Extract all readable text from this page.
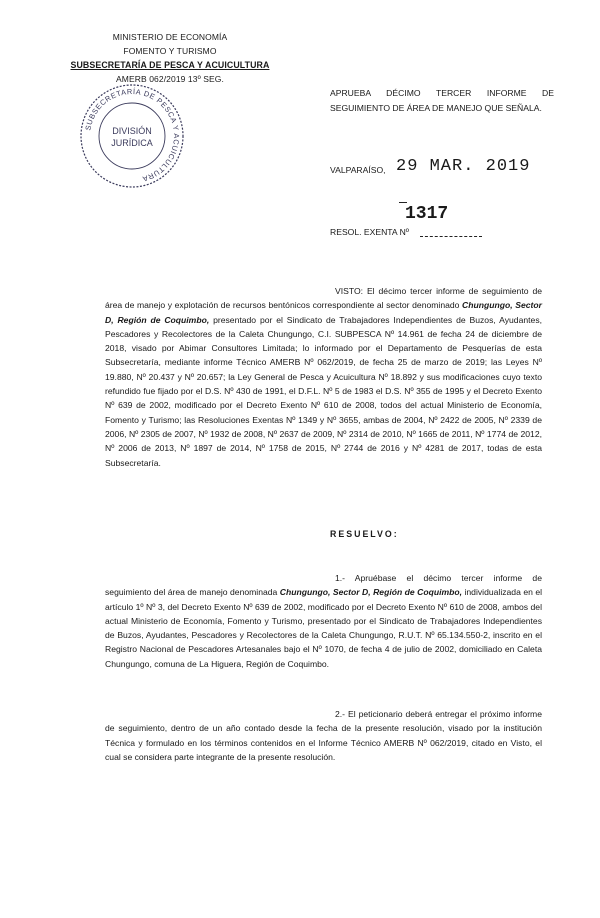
MINISTERIO DE ECONOMÍA
FOMENTO Y TURISMO
SUBSECRETARÍA DE PESCA Y ACUICULTURA
AMERB 062/2019 13º SEG.
SUBSECRETARÍA DE PESCA Y ACUICULTURA
DIVISIÓN
JURÍDICA
APRUEBA DÉCIMO TERCER INFORME DE SEGUIMIENTO DE ÁREA DE MANEJO QUE SEÑALA.
VALPARAÍSO, 29 MAR. 2019
1317
RESOL. EXENTA Nº
VISTO: El décimo tercer informe de seguimiento de área de manejo y explotación de recursos bentónicos correspondiente al sector denominado Chungungo, Sector D, Región de Coquimbo, presentado por el Sindicato de Trabajadores Independientes de Buzos, Ayudantes, Pescadores y Recolectores de la Caleta Chungungo, C.I. SUBPESCA Nº 14.961 de fecha 24 de diciembre de 2018, visado por Abimar Consultores Limitada; lo informado por el Departamento de Pesquerías de esta Subsecretaría, mediante informe Técnico AMERB Nº 062/2019, de fecha 25 de marzo de 2019; las Leyes Nº 19.880, Nº 20.437 y Nº 20.657; la Ley General de Pesca y Acuicultura Nº 18.892 y sus modificaciones cuyo texto refundido fue fijado por el D.S. Nº 430 de 1991, el D.F.L. Nº 5 de 1983 el D.S. Nº 355 de 1995 y el Decreto Exento Nº 639 de 2002, modificado por el Decreto Exento Nº 610 de 2008, todos del actual Ministerio de Economía, Fomento y Turismo; las Resoluciones Exentas Nº 1349 y Nº 3655, ambas de 2004, Nº 2422 de 2005, Nº 2339 de 2006, Nº 2305 de 2007, Nº 1932 de 2008, Nº 2637 de 2009, Nº 2314 de 2010, Nº 1665 de 2011, Nº 1774 de 2012, Nº 2006 de 2013, Nº 1897 de 2014, Nº 1758 de 2015, Nº 2744 de 2016 y Nº 4281 de 2017, todas de esta Subsecretaría.
RESUELVO:
1.- Apruébase el décimo tercer informe de seguimiento del área de manejo denominada Chungungo, Sector D, Región de Coquimbo, individualizada en el artículo 1º Nº 3, del Decreto Exento Nº 639 de 2002, modificado por el Decreto Exento Nº 610 de 2008, ambos del actual Ministerio de Economía, Fomento y Turismo, presentado por el Sindicato de Trabajadores Independientes de Buzos, Ayudantes, Pescadores y Recolectores de la Caleta Chungungo, R.U.T. Nº 65.134.550-2, inscrito en el Registro Nacional de Pescadores Artesanales bajo el Nº 1070, de fecha 4 de julio de 2002, domiciliado en Caleta Chungungo, comuna de La Higuera, Región de Coquimbo.
2.- El peticionario deberá entregar el próximo informe de seguimiento, dentro de un año contado desde la fecha de la presente resolución, visado por la institución Técnica y formulado en los términos contenidos en el Informe Técnico AMERB Nº 062/2019, citado en Visto, el cual se considera parte integrante de la presente resolución.
